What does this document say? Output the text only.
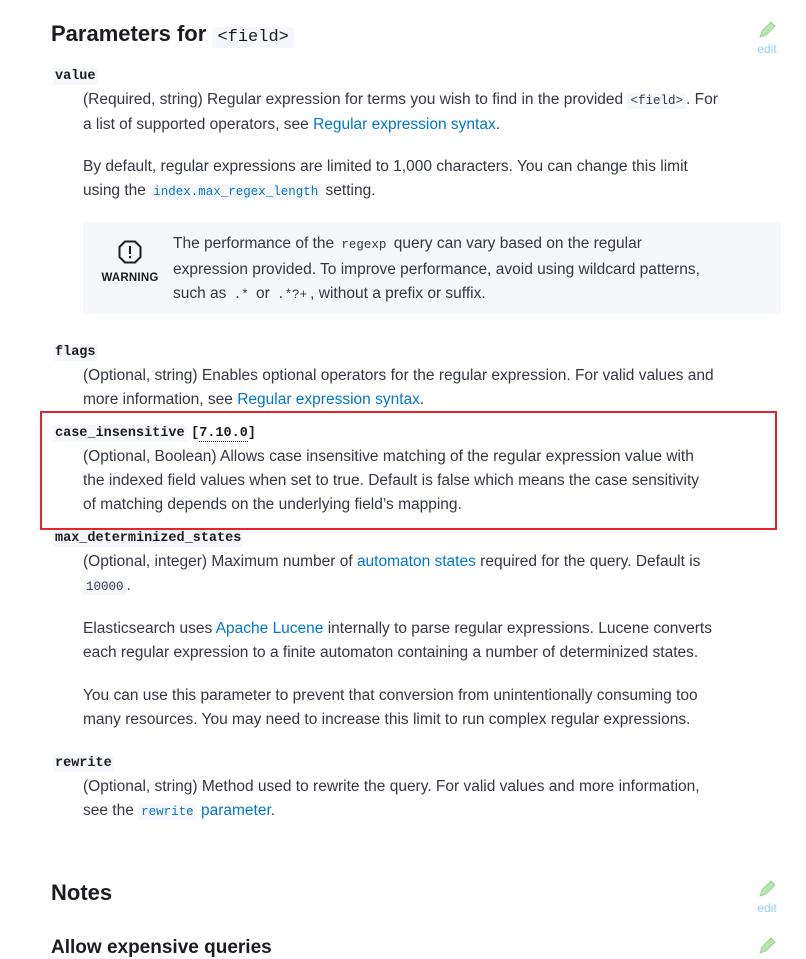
Parameters for <field>
edit
value

(Required, string) Regular expression for terms you wish to find in the provided <field> . For
a list of supported operators, see Regular expression syntax.

By default, regular expressions are limited to 1,000 characters. You can change this limit
using the index.max_regex_length setting.

WARNING

The performance of the regexp query can vary based on the regular
expression provided. To improve performance, avoid using wildcard patterns,
such as .* or .*?+ , without a prefix or suffix.

flags

(Optional, string) Enables optional operators for the regular expression. For valid values and
more information, see Regular expression syntax.

case_insensitive [7.10.0]

(Optional, Boolean) Allows case insensitive matching of the regular expression value with
the indexed field values when set to true. Default is false which means the case sensitivity
of matching depends on the underlying field’s mapping.

max_determinized_states

(Optional, integer) Maximum number of automaton states required for the query. Default is
10000 .

Elasticsearch uses Apache Lucene internally to parse regular expressions. Lucene converts
each regular expression to a finite automaton containing a number of determinized states.

You can use this parameter to prevent that conversion from unintentionally consuming too
many resources. You may need to increase this limit to run complex regular expressions.

rewrite

(Optional, string) Method used to rewrite the query. For valid values and more information,
see the rewrite parameter.

Notes
edit
Allow expensive queries
